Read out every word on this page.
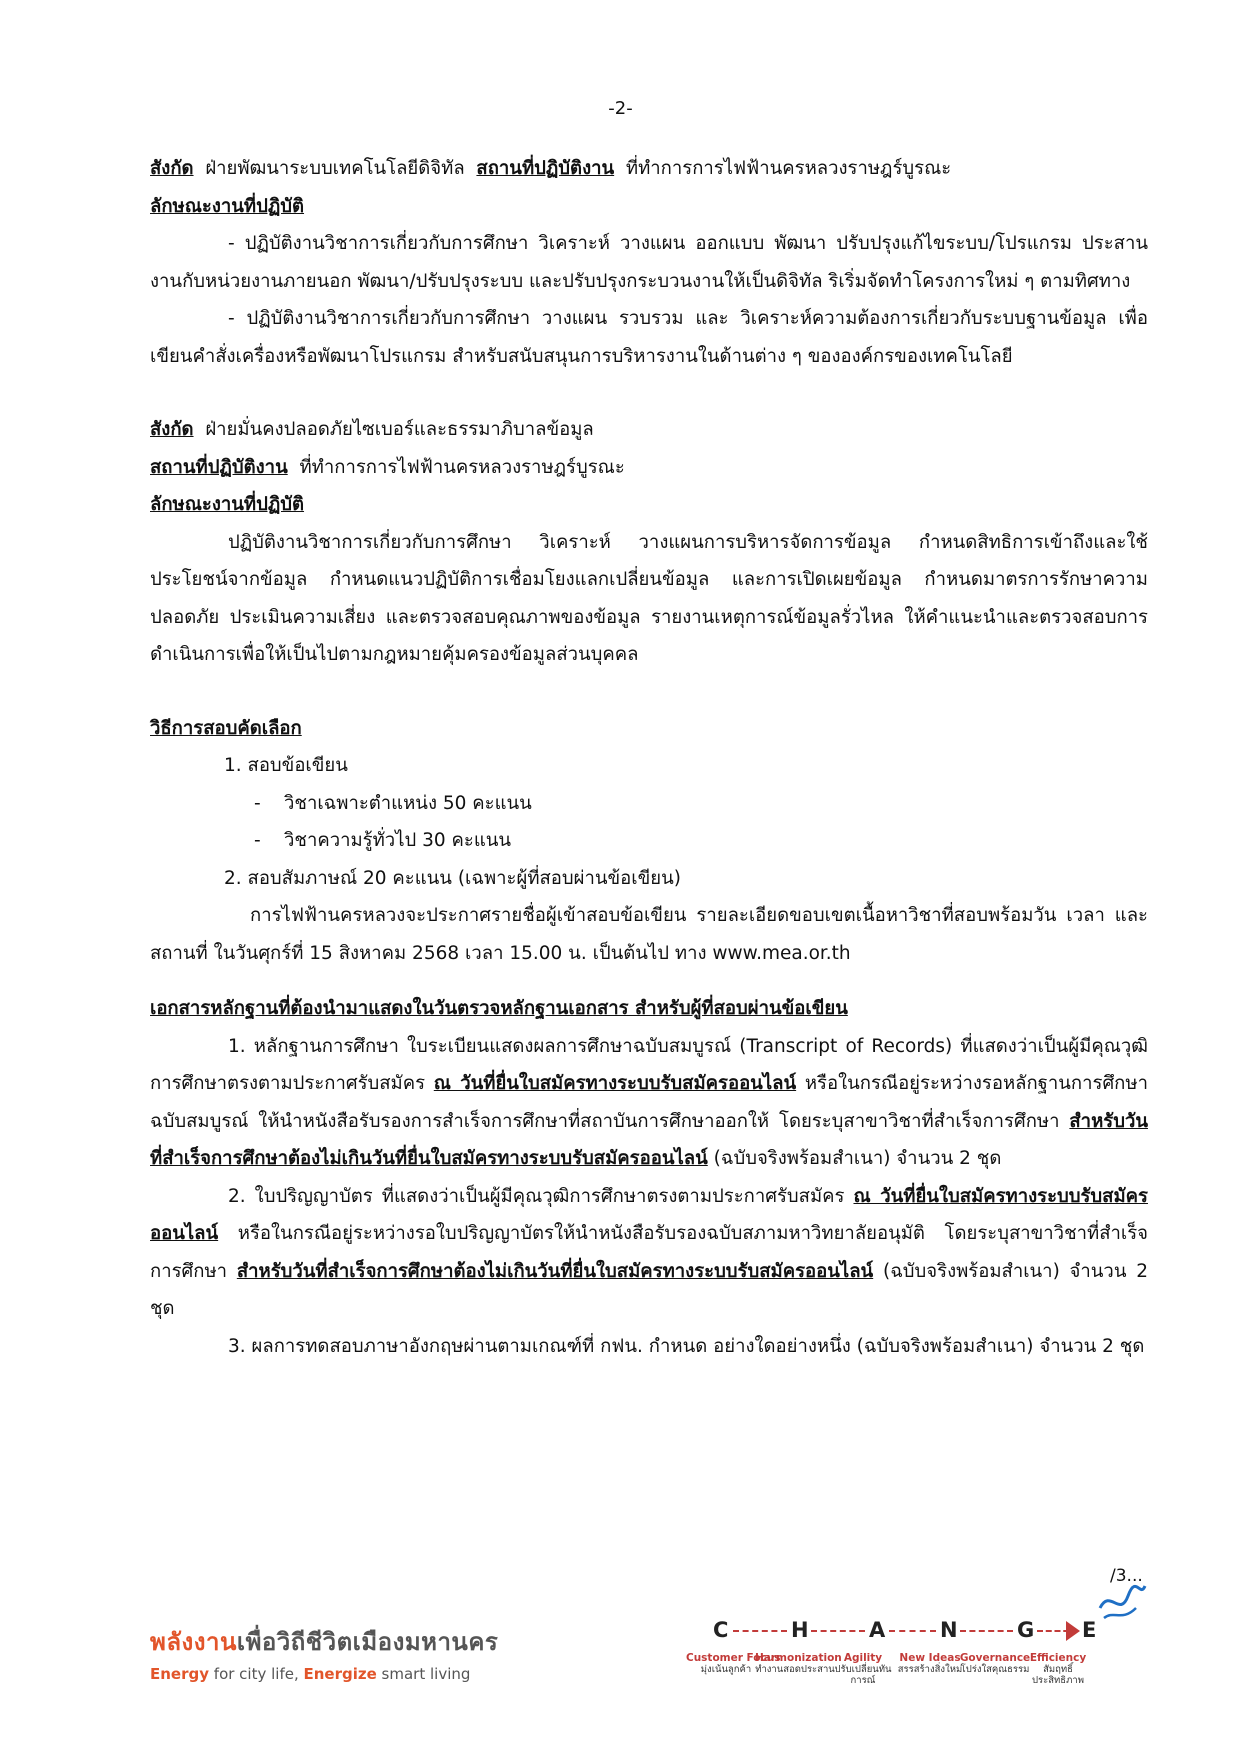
-2-

สังกัด ฝ่ายพัฒนาระบบเทคโนโลยีดิจิทัล สถานที่ปฏิบัติงาน ที่ทำการการไฟฟ้านครหลวงราษฎร์บูรณะ

ลักษณะงานที่ปฏิบัติ

- ปฏิบัติงานวิชาการเกี่ยวกับการศึกษา วิเคราะห์ วางแผน ออกแบบ พัฒนา ปรับปรุงแก้ไขระบบ/โปรแกรม ประสานงานกับหน่วยงานภายนอก พัฒนา/ปรับปรุงระบบ และปรับปรุงกระบวนงานให้เป็นดิจิทัล ริเริ่มจัดทำโครงการใหม่ ๆ ตามทิศทาง

- ปฏิบัติงานวิชาการเกี่ยวกับการศึกษา วางแผน รวบรวม และ วิเคราะห์ความต้องการเกี่ยวกับระบบฐานข้อมูล เพื่อเขียนคำสั่งเครื่องหรือพัฒนาโปรแกรม สำหรับสนับสนุนการบริหารงานในด้านต่าง ๆ ขององค์กรของเทคโนโลยี

สังกัด ฝ่ายมั่นคงปลอดภัยไซเบอร์และธรรมาภิบาลข้อมูล

สถานที่ปฏิบัติงาน ที่ทำการการไฟฟ้านครหลวงราษฎร์บูรณะ

ลักษณะงานที่ปฏิบัติ

ปฏิบัติงานวิชาการเกี่ยวกับการศึกษา วิเคราะห์ วางแผนการบริหารจัดการข้อมูล กำหนดสิทธิการเข้าถึงและใช้ประโยชน์จากข้อมูล กำหนดแนวปฏิบัติการเชื่อมโยงแลกเปลี่ยนข้อมูล และการเปิดเผยข้อมูล กำหนดมาตรการรักษาความปลอดภัย ประเมินความเสี่ยง และตรวจสอบคุณภาพของข้อมูล รายงานเหตุการณ์ข้อมูลรั่วไหล ให้คำแนะนำและตรวจสอบการดำเนินการเพื่อให้เป็นไปตามกฎหมายคุ้มครองข้อมูลส่วนบุคคล

วิธีการสอบคัดเลือก

1. สอบข้อเขียน

- วิชาเฉพาะตำแหน่ง 50 คะแนน

- วิชาความรู้ทั่วไป 30 คะแนน

2. สอบสัมภาษณ์ 20 คะแนน (เฉพาะผู้ที่สอบผ่านข้อเขียน)

การไฟฟ้านครหลวงจะประกาศรายชื่อผู้เข้าสอบข้อเขียน รายละเอียดขอบเขตเนื้อหาวิชาที่สอบพร้อมวัน เวลา และสถานที่ ในวันศุกร์ที่ 15 สิงหาคม 2568 เวลา 15.00 น. เป็นต้นไป ทาง www.mea.or.th

เอกสารหลักฐานที่ต้องนำมาแสดงในวันตรวจหลักฐานเอกสาร สำหรับผู้ที่สอบผ่านข้อเขียน

1. หลักฐานการศึกษา ใบระเบียนแสดงผลการศึกษาฉบับสมบูรณ์ (Transcript of Records) ที่แสดงว่าเป็นผู้มีคุณวุฒิการศึกษาตรงตามประกาศรับสมัคร ณ วันที่ยื่นใบสมัครทางระบบรับสมัครออนไลน์ หรือในกรณีอยู่ระหว่างรอหลักฐานการศึกษาฉบับสมบูรณ์ ให้นำหนังสือรับรองการสำเร็จการศึกษาที่สถาบันการศึกษาออกให้ โดยระบุสาขาวิชาที่สำเร็จการศึกษา สำหรับวันที่สำเร็จการศึกษาต้องไม่เกินวันที่ยื่นใบสมัครทางระบบรับสมัครออนไลน์ (ฉบับจริงพร้อมสำเนา) จำนวน 2 ชุด

2. ใบปริญญาบัตร ที่แสดงว่าเป็นผู้มีคุณวุฒิการศึกษาตรงตามประกาศรับสมัคร ณ วันที่ยื่นใบสมัครทางระบบรับสมัครออนไลน์ หรือในกรณีอยู่ระหว่างรอใบปริญญาบัตรให้นำหนังสือรับรองฉบับสภามหาวิทยาลัยอนุมัติ โดยระบุสาขาวิชาที่สำเร็จการศึกษา สำหรับวันที่สำเร็จการศึกษาต้องไม่เกินวันที่ยื่นใบสมัครทางระบบรับสมัครออนไลน์ (ฉบับจริงพร้อมสำเนา) จำนวน 2 ชุด

3. ผลการทดสอบภาษาอังกฤษผ่านตามเกณฑ์ที่ กฟน. กำหนด อย่างใดอย่างหนึ่ง (ฉบับจริงพร้อมสำเนา) จำนวน 2 ชุด

/3...
พลังงานเพื่อวิถีชีวิตเมืองมหานคร
Energy for city life, Energize smart living
C
Customer Focus
มุ่งเน้นลูกค้า
H
Harmonization
ทำงานสอดประสาน
A
Agility
ปรับเปลี่ยนทันการณ์
N
New Ideas
สรรสร้างสิ่งใหม่
G
Governance
โปร่งใสคุณธรรม
E
Efficiency
สัมฤทธิ์ประสิทธิภาพ
